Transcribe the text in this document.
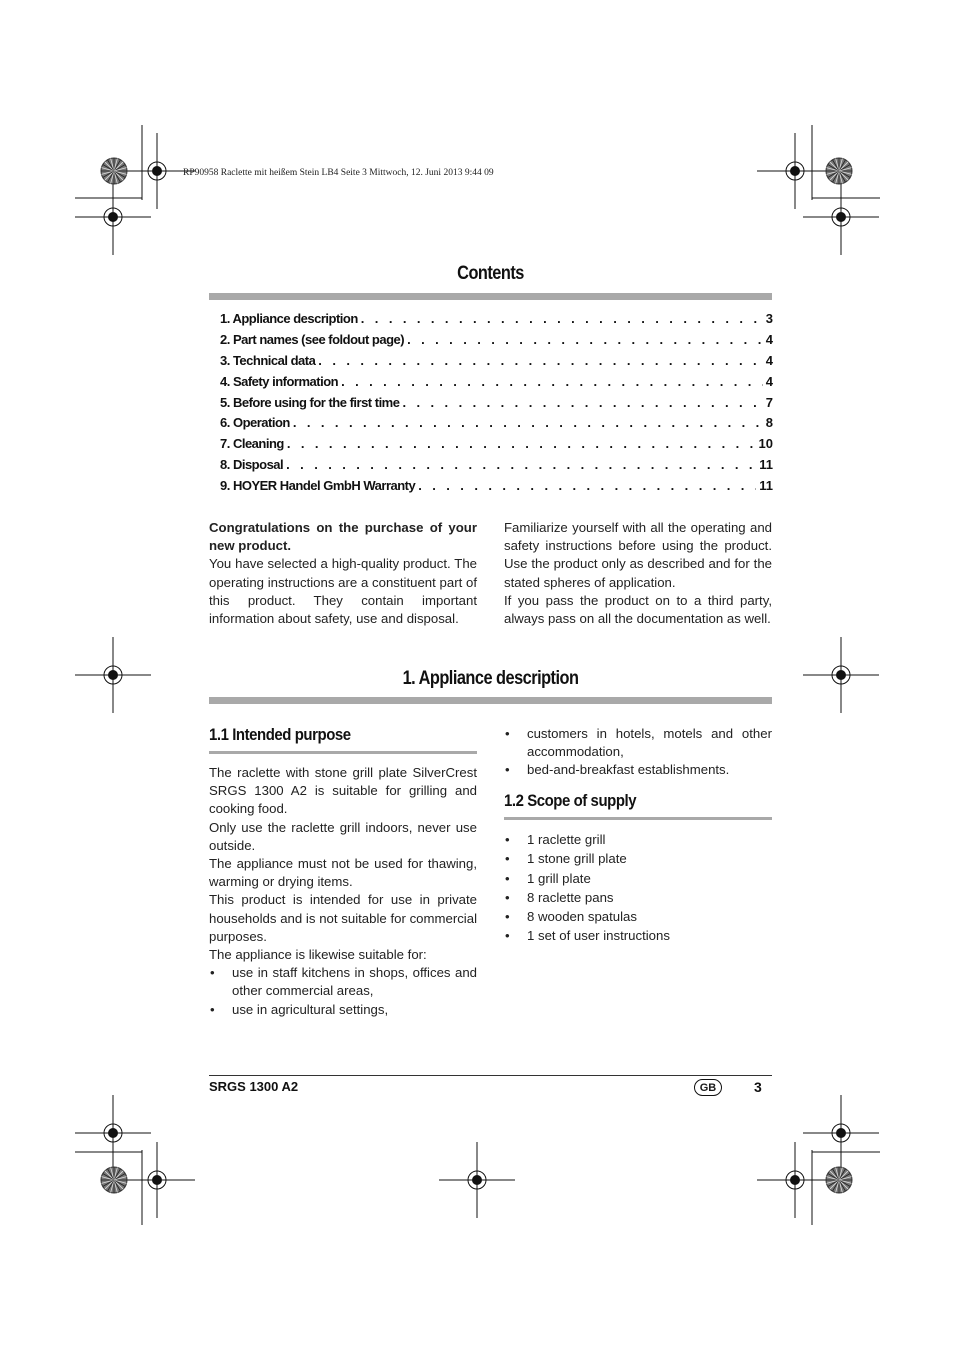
RP90958 Raclette mit heißem Stein LB4 Seite 3 Mittwoch, 12. Juni 2013 9:44 09
Contents
1. Appliance description . . .	3
2. Part names (see foldout page) . . .	4
3. Technical data . . .	4
4. Safety information . . .	4
5. Before using for the first time . . .	7
6. Operation . . .	8
7. Cleaning . . .	10
8. Disposal . . .	11
9. HOYER Handel GmbH Warranty . . .	11

Congratulations on the purchase of your new product.

You have selected a high-quality product. The operating instructions are a constituent part of this product. They contain important information about safety, use and disposal.

Familiarize yourself with all the operating and safety instructions before using the product. Use the product only as described and for the stated spheres of application.

If you pass the product on to a third party, always pass on all the documentation as well.

1. Appliance description
1.1 Intended purpose

The raclette with stone grill plate SilverCrest SRGS 1300 A2 is suitable for grilling and cooking food.

Only use the raclette grill indoors, never use outside.

The appliance must not be used for thawing, warming or drying items.

This product is intended for use in private households and is not suitable for commercial purposes.

The appliance is likewise suitable for:

• use in staff kitchens in shops, offices and other commercial areas,
• use in agricultural settings,
• customers in hotels, motels and other accommodation,
• bed-and-breakfast establishments.
1.2 Scope of supply
• 1 raclette grill
• 1 stone grill plate
• 1 grill plate
• 8 raclette pans
• 8 wooden spatulas
• 1 set of user instructions
SRGS 1300 A2	GB	3
